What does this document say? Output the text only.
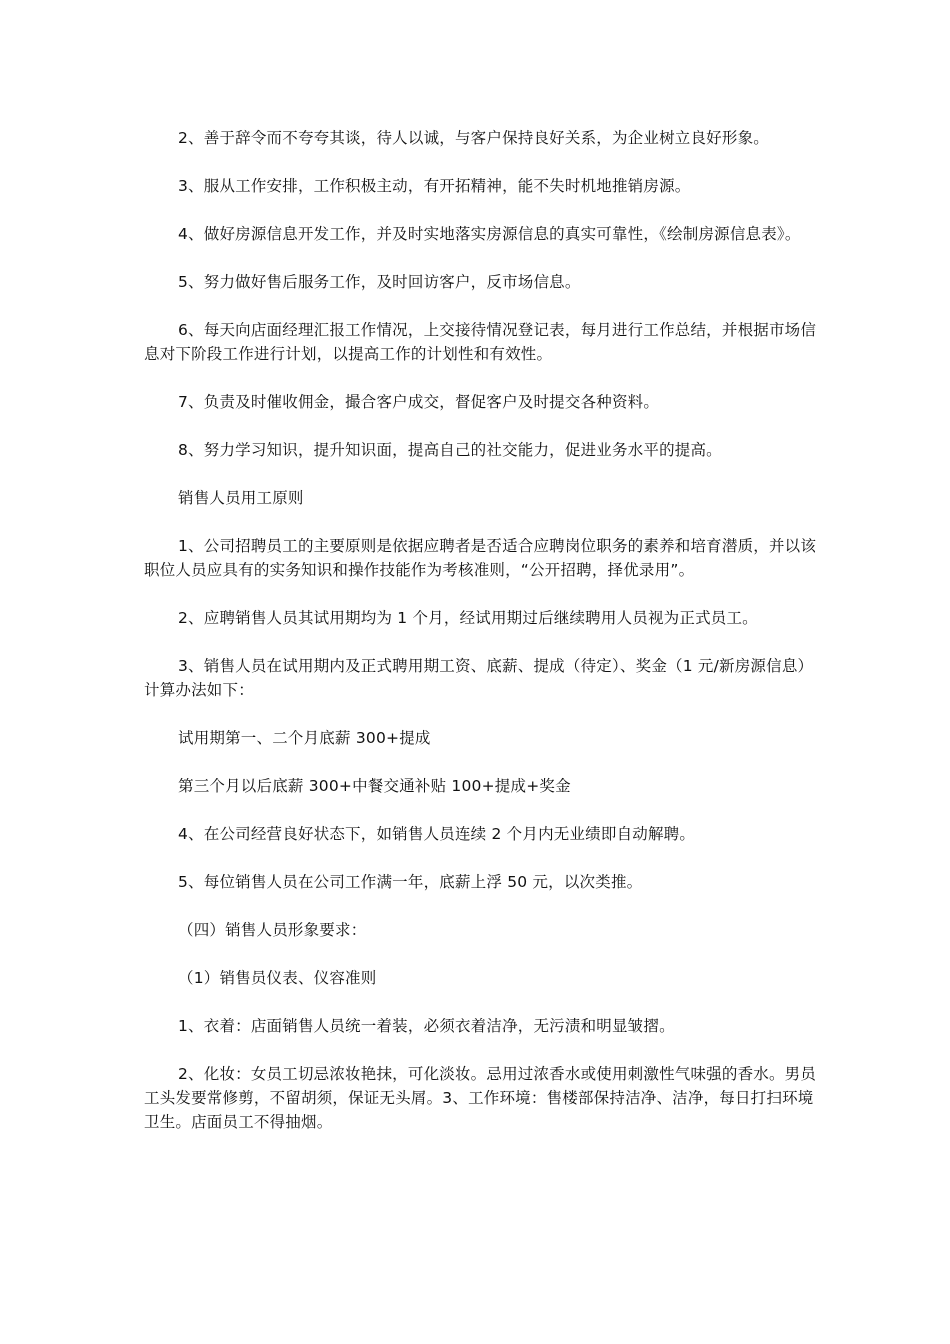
2、善于辞令而不夸夸其谈，待人以诚，与客户保持良好关系，为企业树立良好形象。

3、服从工作安排，工作积极主动，有开拓精神，能不失时机地推销房源。

4、做好房源信息开发工作，并及时实地落实房源信息的真实可靠性，《绘制房源信息表》。

5、努力做好售后服务工作，及时回访客户，反市场信息。

6、每天向店面经理汇报工作情况，上交接待情况登记表，每月进行工作总结，并根据市场信息对下阶段工作进行计划，以提高工作的计划性和有效性。

7、负责及时催收佣金，撮合客户成交，督促客户及时提交各种资料。

8、努力学习知识，提升知识面，提高自己的社交能力，促进业务水平的提高。

销售人员用工原则

1、公司招聘员工的主要原则是依据应聘者是否适合应聘岗位职务的素养和培育潜质，并以该职位人员应具有的实务知识和操作技能作为考核准则，“公开招聘，择优录用”。

2、应聘销售人员其试用期均为 1 个月，经试用期过后继续聘用人员视为正式员工。

3、销售人员在试用期内及正式聘用期工资、底薪、提成（待定）、奖金（1 元/新房源信息）计算办法如下：

试用期第一、二个月底薪 300+提成

第三个月以后底薪 300+中餐交通补贴 100+提成+奖金

4、在公司经营良好状态下，如销售人员连续 2 个月内无业绩即自动解聘。

5、每位销售人员在公司工作满一年，底薪上浮 50 元，以次类推。

（四）销售人员形象要求：

（1）销售员仪表、仪容准则

1、衣着：店面销售人员统一着装，必须衣着洁净，无污渍和明显皱摺。

2、化妆：女员工切忌浓妆艳抹，可化淡妆。忌用过浓香水或使用刺激性气味强的香水。男员工头发要常修剪，不留胡须，保证无头屑。3、工作环境：售楼部保持洁净、洁净，每日打扫环境卫生。店面员工不得抽烟。
